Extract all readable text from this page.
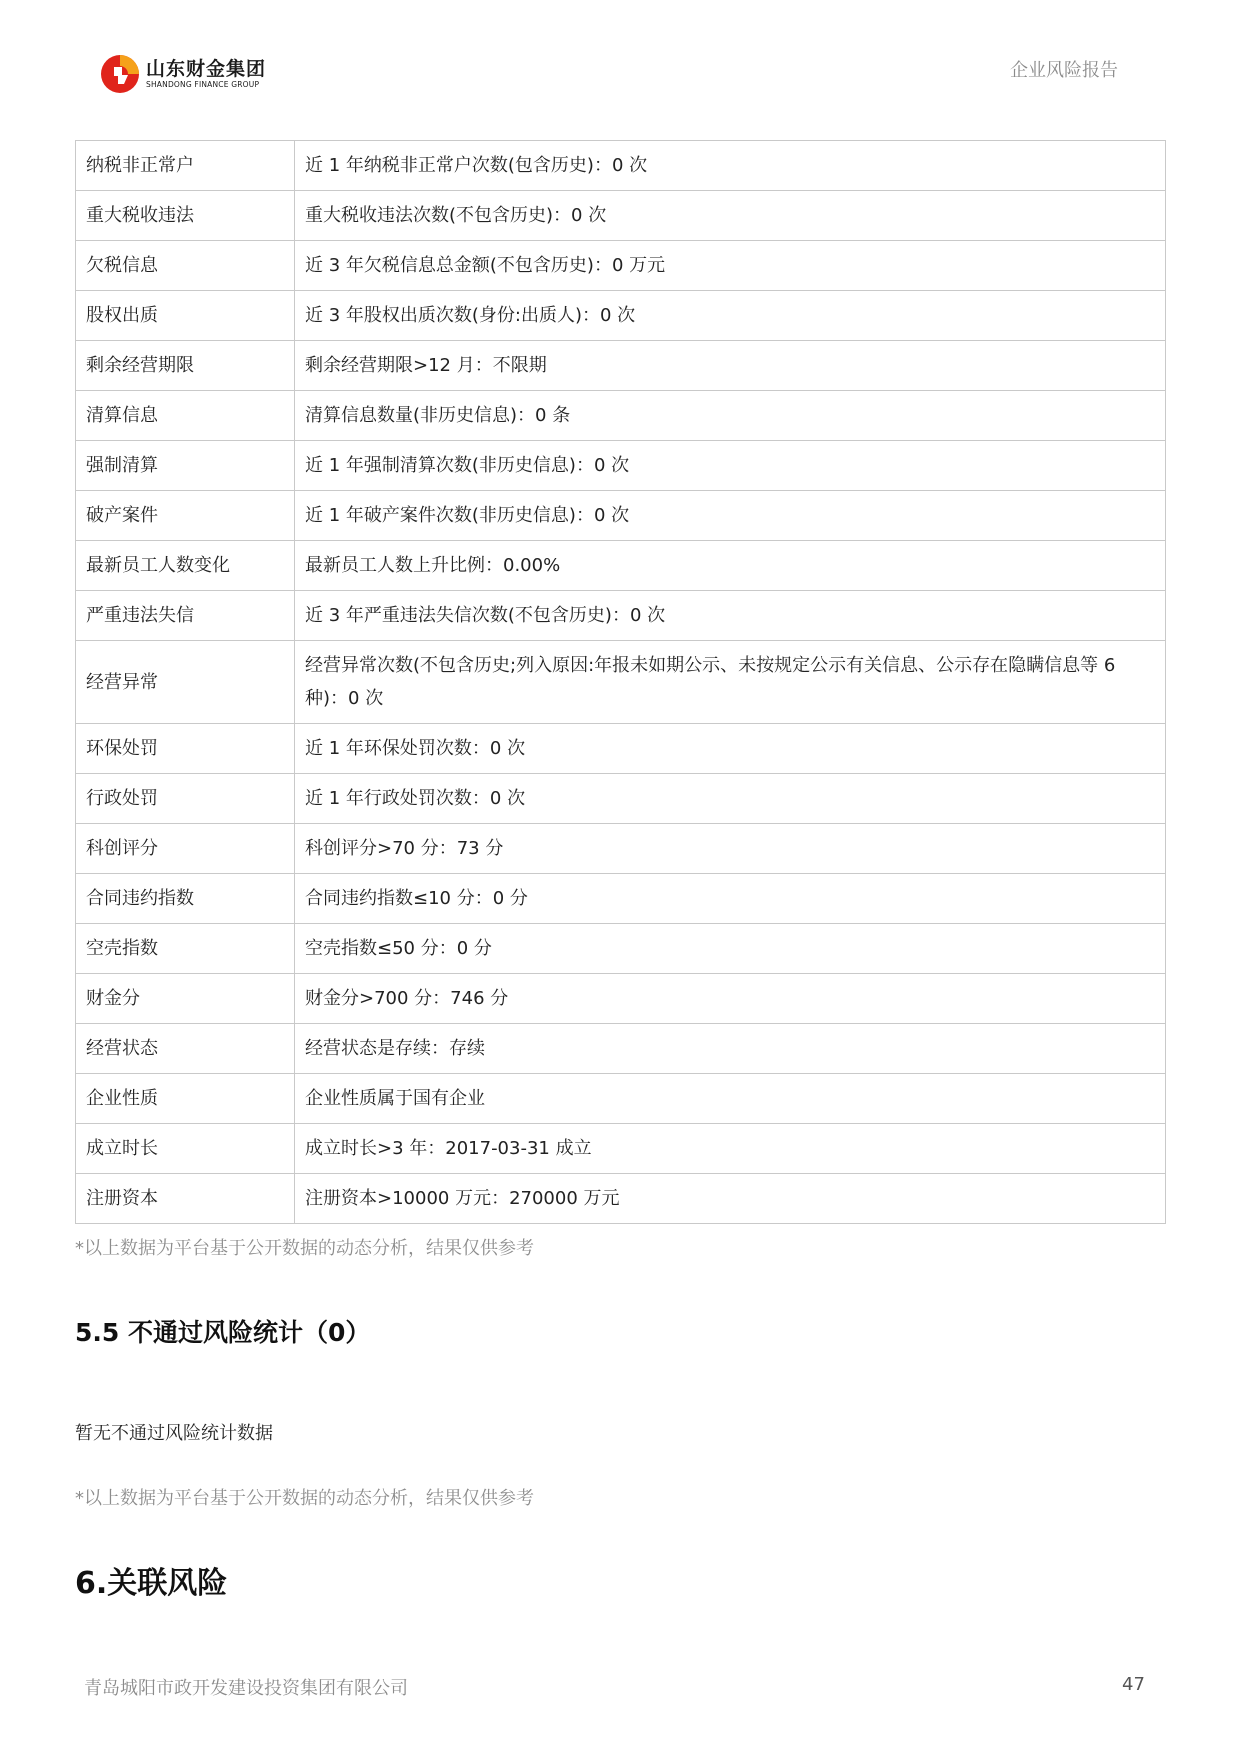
山东财金集团
SHANDONG FINANCE GROUP
企业风险报告
纳税非正常户	近 1 年纳税非正常户次数(包含历史)：0 次
重大税收违法	重大税收违法次数(不包含历史)：0 次
欠税信息	近 3 年欠税信息总金额(不包含历史)：0 万元
股权出质	近 3 年股权出质次数(身份:出质人)：0 次
剩余经营期限	剩余经营期限>12 月：不限期
清算信息	清算信息数量(非历史信息)：0 条
强制清算	近 1 年强制清算次数(非历史信息)：0 次
破产案件	近 1 年破产案件次数(非历史信息)：0 次
最新员工人数变化	最新员工人数上升比例：0.00%
严重违法失信	近 3 年严重违法失信次数(不包含历史)：0 次
经营异常	经营异常次数(不包含历史;列入原因:年报未如期公示、未按规定公示有关信息、公示存在隐瞒信息等 6 种)：0 次
环保处罚	近 1 年环保处罚次数：0 次
行政处罚	近 1 年行政处罚次数：0 次
科创评分	科创评分>70 分：73 分
合同违约指数	合同违约指数≤10 分：0 分
空壳指数	空壳指数≤50 分：0 分
财金分	财金分>700 分：746 分
经营状态	经营状态是存续：存续
企业性质	企业性质属于国有企业
成立时长	成立时长>3 年：2017-03-31 成立
注册资本	注册资本>10000 万元：270000 万元
*以上数据为平台基于公开数据的动态分析，结果仅供参考
5.5 不通过风险统计（0）
暂无不通过风险统计数据
*以上数据为平台基于公开数据的动态分析，结果仅供参考
6.关联风险
青岛城阳市政开发建设投资集团有限公司	47
